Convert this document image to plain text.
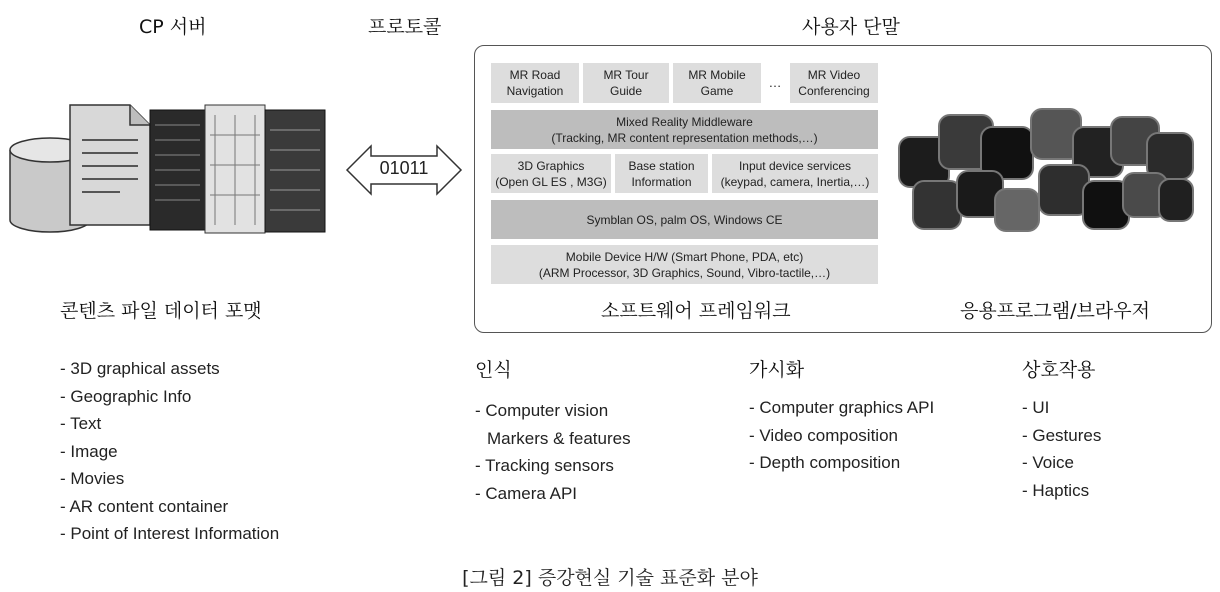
CP 서버	프로토콜	사용자 단말
01011
콘텐츠 파일 데이터 포맷
- 3D graphical assets
- Geographic Info
- Text
- Image
- Movies
- AR content container
- Point of Interest Information
MR Road
Navigation
MR Tour
Guide
MR Mobile
Game
…	MR Video
Conferencing
Mixed Reality Middleware
(Tracking, MR content representation methods,…)
3D Graphics
(Open GL ES , M3G)
Base station
Information
Input device services
(keypad, camera, Inertia,…)
Symblan OS, palm OS, Windows CE
Mobile Device H/W (Smart Phone, PDA, etc)
(ARM Processor, 3D Graphics, Sound, Vibro-tactile,…)
소프트웨어 프레임워크	응용프로그램/브라우저
인식
- Computer vision
Markers & features
- Tracking sensors
- Camera API
가시화
- Computer graphics API
- Video composition
- Depth composition
상호작용
- UI
- Gestures
- Voice
- Haptics
[그림 2] 증강현실 기술 표준화 분야
